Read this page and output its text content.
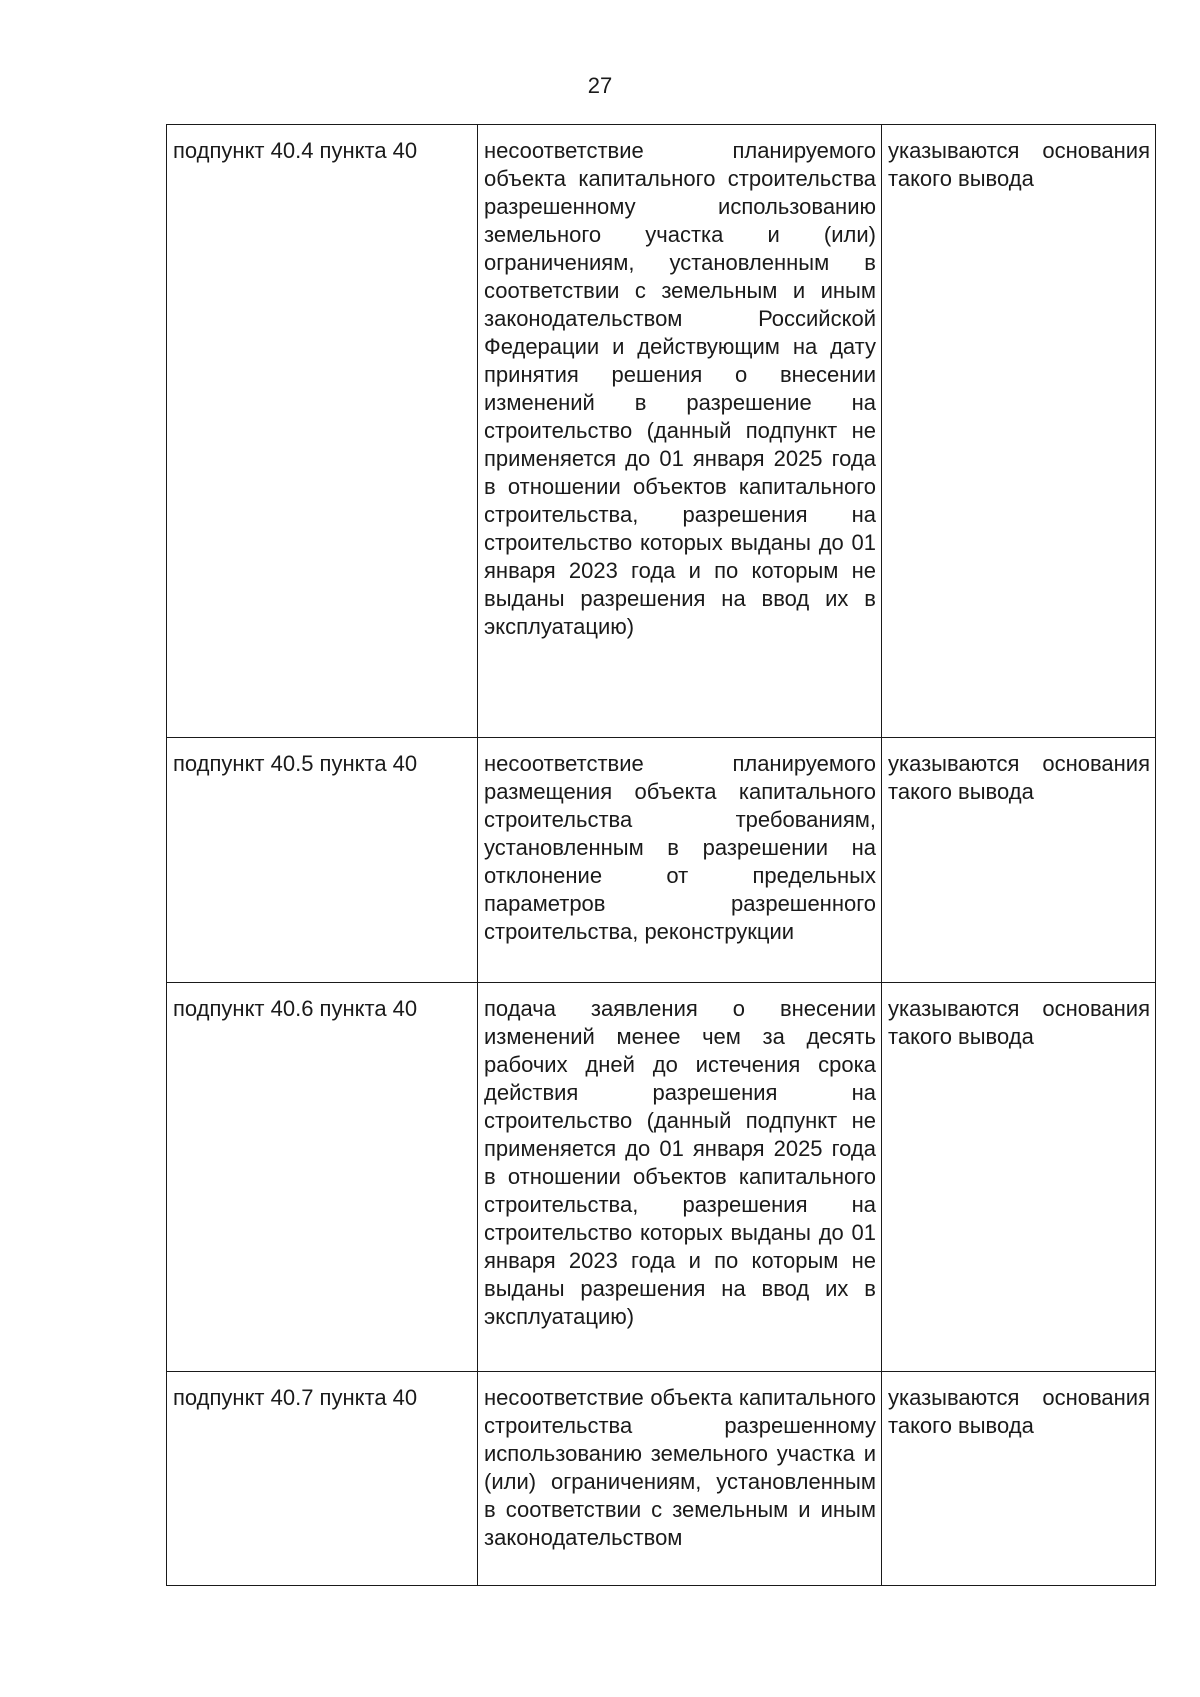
27
подпункт 40.4 пункта 40	несоответствие планируемого объекта капитального строительства разрешенному использованию земельного участка и (или) ограничениям, установленным в соответствии с земельным и иным законодательством Российской Федерации и действующим на дату принятия решения о внесении изменений в разрешение на строительство (данный подпункт не применяется до 01 января 2025 года в отношении объектов капитального строительства, разрешения на строительство которых выданы до 01 января 2023 года и по которым не выданы разрешения на ввод их в эксплуатацию)	указываются основания такого вывода
подпункт 40.5 пункта 40	несоответствие планируемого размещения объекта капитального строительства требованиям, установленным в разрешении на отклонение от предельных параметров разрешенного строительства, реконструкции	указываются основания такого вывода
подпункт 40.6 пункта 40	подача заявления о внесении изменений менее чем за десять рабочих дней до истечения срока действия разрешения на строительство (данный подпункт не применяется до 01 января 2025 года в отношении объектов капитального строительства, разрешения на строительство которых выданы до 01 января 2023 года и по которым не выданы разрешения на ввод их в эксплуатацию)	указываются основания такого вывода
подпункт 40.7 пункта 40	несоответствие объекта капитального строительства разрешенному использованию земельного участка и (или) ограничениям, установленным в соответствии с земельным и иным законодательством	указываются основания такого вывода
